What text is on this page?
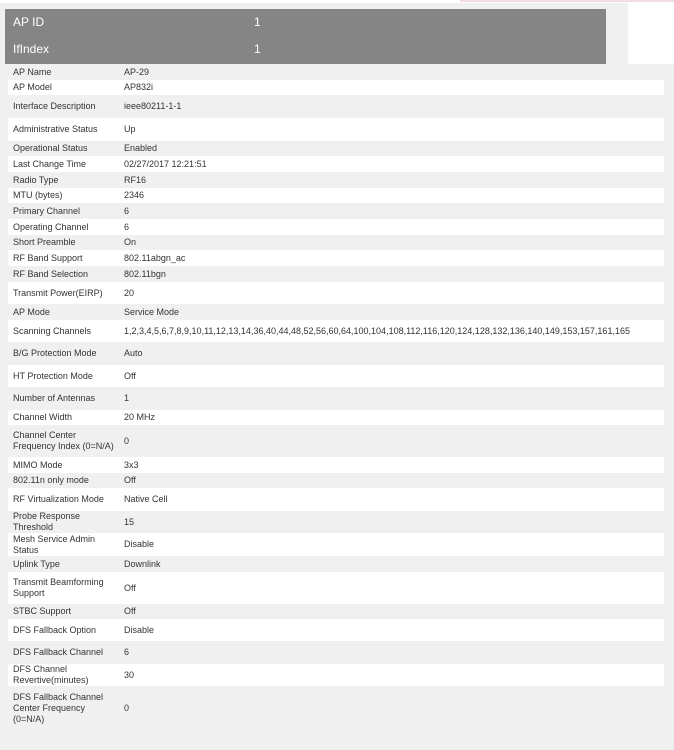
AP ID	1
IfIndex	1
AP Name	AP-29
AP Model	AP832i
Interface Description	ieee80211-1-1
Administrative Status	Up
Operational Status	Enabled
Last Change Time	02/27/2017 12:21:51
Radio Type	RF16
MTU (bytes)	2346
Primary Channel	6
Operating Channel	6
Short Preamble	On
RF Band Support	802.11abgn_ac
RF Band Selection	802.11bgn
Transmit Power(EIRP)	20
AP Mode	Service Mode
Scanning Channels	1,2,3,4,5,6,7,8,9,10,11,12,13,14,36,40,44,48,52,56,60,64,100,104,108,112,116,120,124,128,132,136,140,149,153,157,161,165
B/G Protection Mode	Auto
HT Protection Mode	Off
Number of Antennas	1
Channel Width	20 MHz
Channel Center Frequency Index (0=N/A)	0
MIMO Mode	3x3
802.11n only mode	Off
RF Virtualization Mode	Native Cell
Probe Response Threshold	15
Mesh Service Admin Status	Disable
Uplink Type	Downlink
Transmit Beamforming Support	Off
STBC Support	Off
DFS Fallback Option	Disable
DFS Fallback Channel	6
DFS Channel Revertive(minutes)	30
DFS Fallback Channel Center Frequency (0=N/A)	0
